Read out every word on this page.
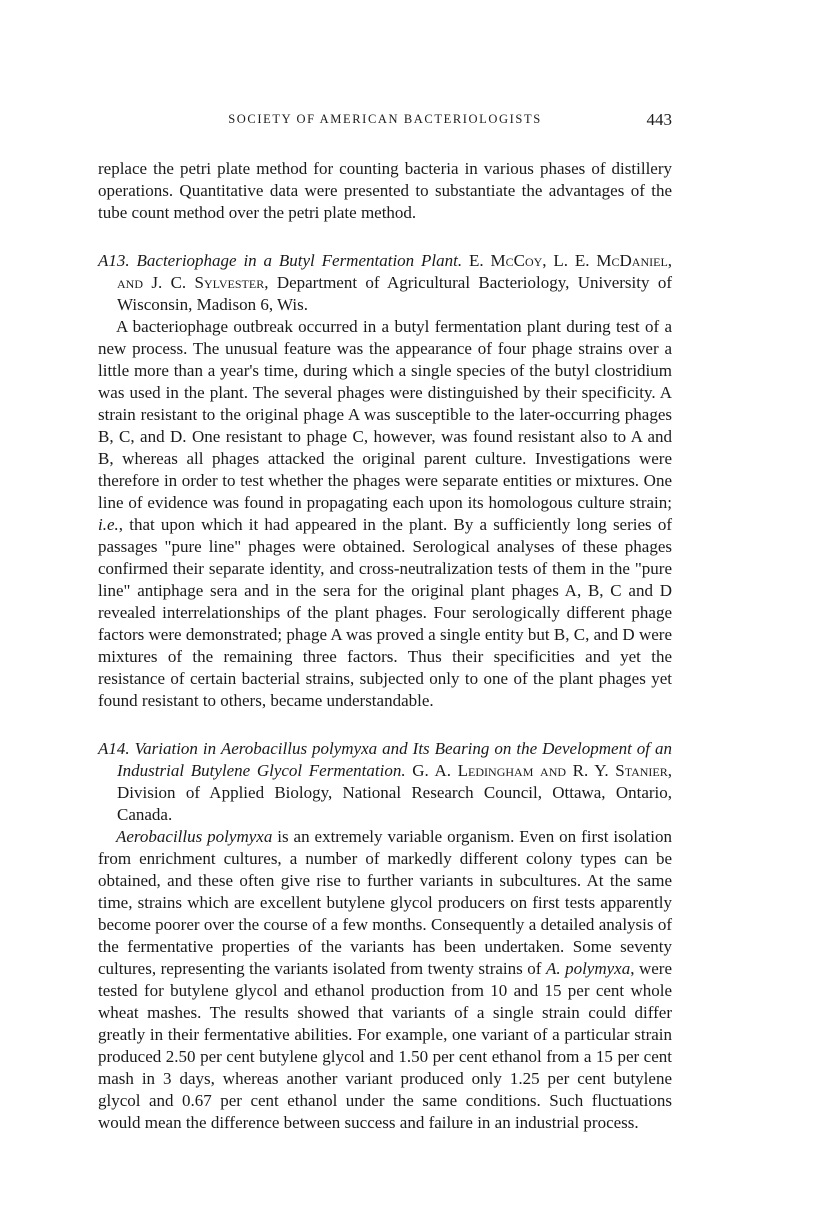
SOCIETY OF AMERICAN BACTERIOLOGISTS	443

replace the petri plate method for counting bacteria in various phases of distillery operations. Quantitative data were presented to substantiate the advantages of the tube count method over the petri plate method.

A13. Bacteriophage in a Butyl Fermentation Plant. E. McCoy, L. E. McDaniel, and J. C. Sylvester, Department of Agricultural Bacteriology, University of Wisconsin, Madison 6, Wis.

A bacteriophage outbreak occurred in a butyl fermentation plant during test of a new process. The unusual feature was the appearance of four phage strains over a little more than a year's time, during which a single species of the butyl clostridium was used in the plant. The several phages were distinguished by their specificity. A strain resistant to the original phage A was susceptible to the later-occurring phages B, C, and D. One resistant to phage C, however, was found resistant also to A and B, whereas all phages attacked the original parent culture. Investigations were therefore in order to test whether the phages were separate entities or mixtures. One line of evidence was found in propagating each upon its homologous culture strain; i.e., that upon which it had appeared in the plant. By a sufficiently long series of passages "pure line" phages were obtained. Serological analyses of these phages confirmed their separate identity, and cross-neutralization tests of them in the "pure line" antiphage sera and in the sera for the original plant phages A, B, C and D revealed interrelationships of the plant phages. Four serologically different phage factors were demonstrated; phage A was proved a single entity but B, C, and D were mixtures of the remaining three factors. Thus their specificities and yet the resistance of certain bacterial strains, subjected only to one of the plant phages yet found resistant to others, became understandable.

A14. Variation in Aerobacillus polymyxa and Its Bearing on the Development of an Industrial Butylene Glycol Fermentation. G. A. Ledingham and R. Y. Stanier, Division of Applied Biology, National Research Council, Ottawa, Ontario, Canada.

Aerobacillus polymyxa is an extremely variable organism. Even on first isolation from enrichment cultures, a number of markedly different colony types can be obtained, and these often give rise to further variants in subcultures. At the same time, strains which are excellent butylene glycol producers on first tests apparently become poorer over the course of a few months. Consequently a detailed analysis of the fermentative properties of the variants has been undertaken. Some seventy cultures, representing the variants isolated from twenty strains of A. polymyxa, were tested for butylene glycol and ethanol production from 10 and 15 per cent whole wheat mashes. The results showed that variants of a single strain could differ greatly in their fermentative abilities. For example, one variant of a particular strain produced 2.50 per cent butylene glycol and 1.50 per cent ethanol from a 15 per cent mash in 3 days, whereas another variant produced only 1.25 per cent butylene glycol and 0.67 per cent ethanol under the same conditions. Such fluctuations would mean the difference between success and failure in an industrial process.
